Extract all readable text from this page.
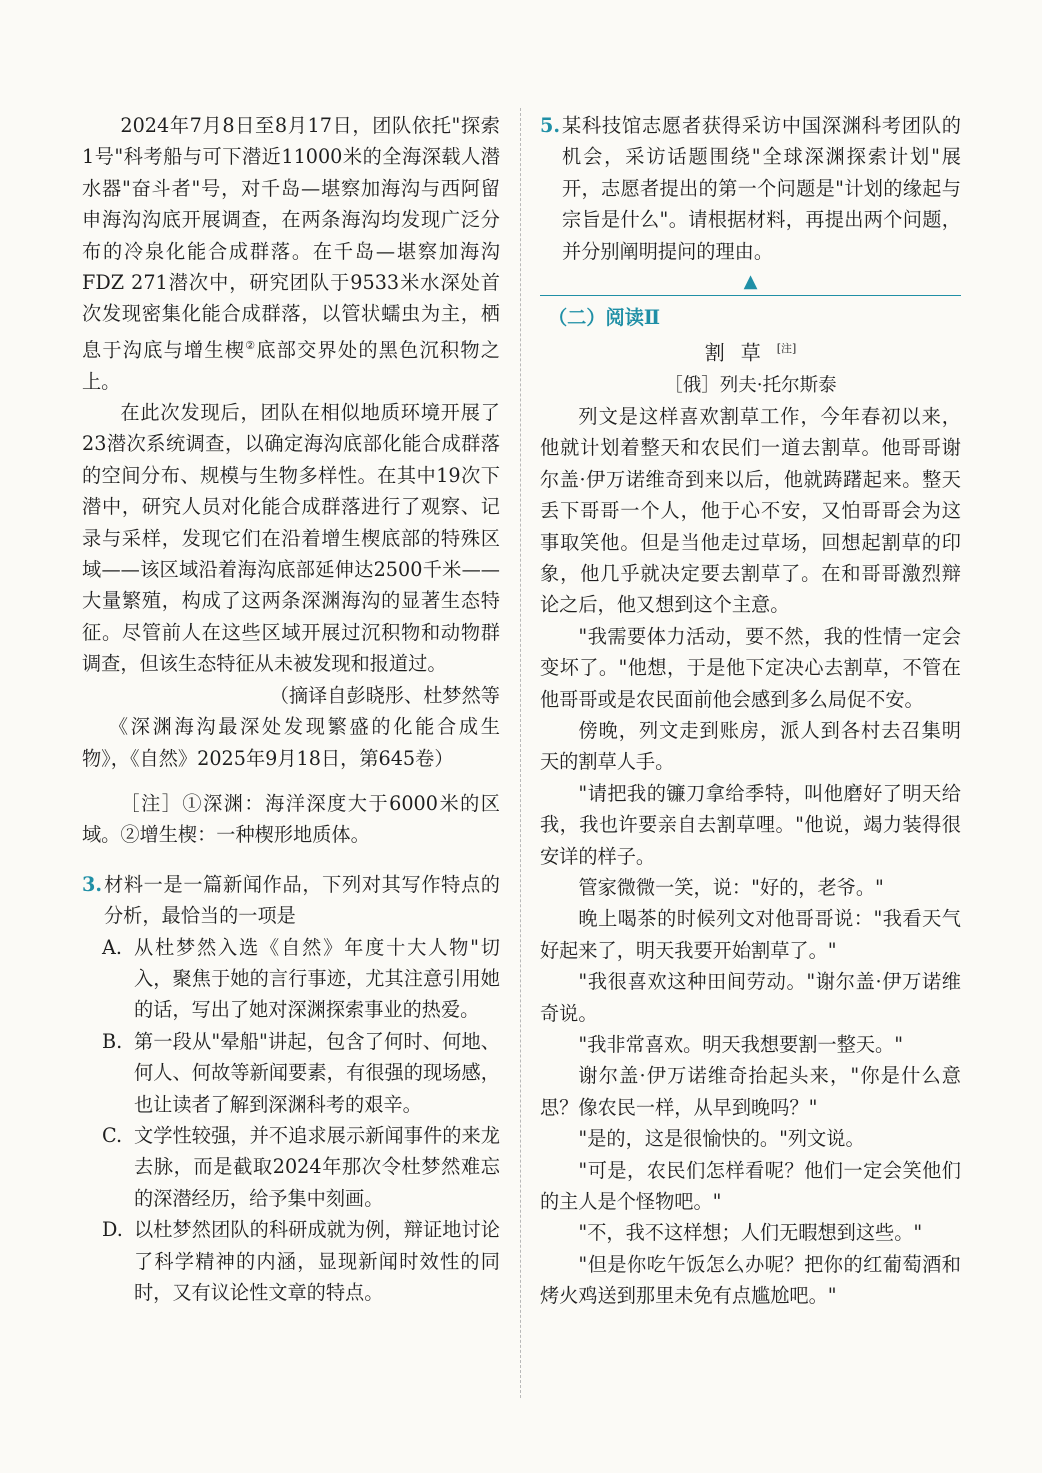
2024年7月8日至8月17日，团队依托"探索1号"科考船与可下潜近11000米的全海深载人潜水器"奋斗者"号，对千岛—堪察加海沟与西阿留申海沟沟底开展调查，在两条海沟均发现广泛分布的冷泉化能合成群落。在千岛—堪察加海沟FDZ 271潜次中，研究团队于9533米水深处首次发现密集化能合成群落，以管状蠕虫为主，栖息于沟底与增生楔②底部交界处的黑色沉积物之上。

在此次发现后，团队在相似地质环境开展了23潜次系统调查，以确定海沟底部化能合成群落的空间分布、规模与生物多样性。在其中19次下潜中，研究人员对化能合成群落进行了观察、记录与采样，发现它们在沿着增生楔底部的特殊区域——该区域沿着海沟底部延伸达2500千米——大量繁殖，构成了这两条深渊海沟的显著生态特征。尽管前人在这些区域开展过沉积物和动物群调查，但该生态特征从未被发现和报道过。

（摘译自彭晓彤、杜梦然等

《深渊海沟最深处发现繁盛的化能合成生物》，《自然》2025年9月18日，第645卷）

［注］①深渊：海洋深度大于6000米的区域。②增生楔：一种楔形地质体。

3. 材料一是一篇新闻作品，下列对其写作特点的分析，最恰当的一项是

A. 从杜梦然入选《自然》年度十大人物"切入，聚焦于她的言行事迹，尤其注意引用她的话，写出了她对深渊探索事业的热爱。

B. 第一段从"晕船"讲起，包含了何时、何地、何人、何故等新闻要素，有很强的现场感，也让读者了解到深渊科考的艰辛。

C. 文学性较强，并不追求展示新闻事件的来龙去脉，而是截取2024年那次令杜梦然难忘的深潜经历，给予集中刻画。

D. 以杜梦然团队的科研成就为例，辩证地讨论了科学精神的内涵，显现新闻时效性的同时，又有议论性文章的特点。

5. 某科技馆志愿者获得采访中国深渊科考团队的机会，采访话题围绕"全球深渊探索计划"展开，志愿者提出的第一个问题是"计划的缘起与宗旨是什么"。请根据材料，再提出两个问题，并分别阐明提问的理由。

▲
（二）阅读Ⅱ
割草[注]
［俄］列夫·托尔斯泰

列文是这样喜欢割草工作，今年春初以来，他就计划着整天和农民们一道去割草。他哥哥谢尔盖·伊万诺维奇到来以后，他就踌躇起来。整天丢下哥哥一个人，他于心不安，又怕哥哥会为这事取笑他。但是当他走过草场，回想起割草的印象，他几乎就决定要去割草了。在和哥哥激烈辩论之后，他又想到这个主意。

"我需要体力活动，要不然，我的性情一定会变坏了。"他想，于是他下定决心去割草，不管在他哥哥或是农民面前他会感到多么局促不安。

傍晚，列文走到账房，派人到各村去召集明天的割草人手。

"请把我的镰刀拿给季特，叫他磨好了明天给我，我也许要亲自去割草哩。"他说，竭力装得很安详的样子。

管家微微一笑，说："好的，老爷。"

晚上喝茶的时候列文对他哥哥说："我看天气好起来了，明天我要开始割草了。"

"我很喜欢这种田间劳动。"谢尔盖·伊万诺维奇说。

"我非常喜欢。明天我想要割一整天。"

谢尔盖·伊万诺维奇抬起头来，"你是什么意思？像农民一样，从早到晚吗？"

"是的，这是很愉快的。"列文说。

"可是，农民们怎样看呢？他们一定会笑他们的主人是个怪物吧。"

"不，我不这样想；人们无暇想到这些。"

"但是你吃午饭怎么办呢？把你的红葡萄酒和烤火鸡送到那里未免有点尴尬吧。"
